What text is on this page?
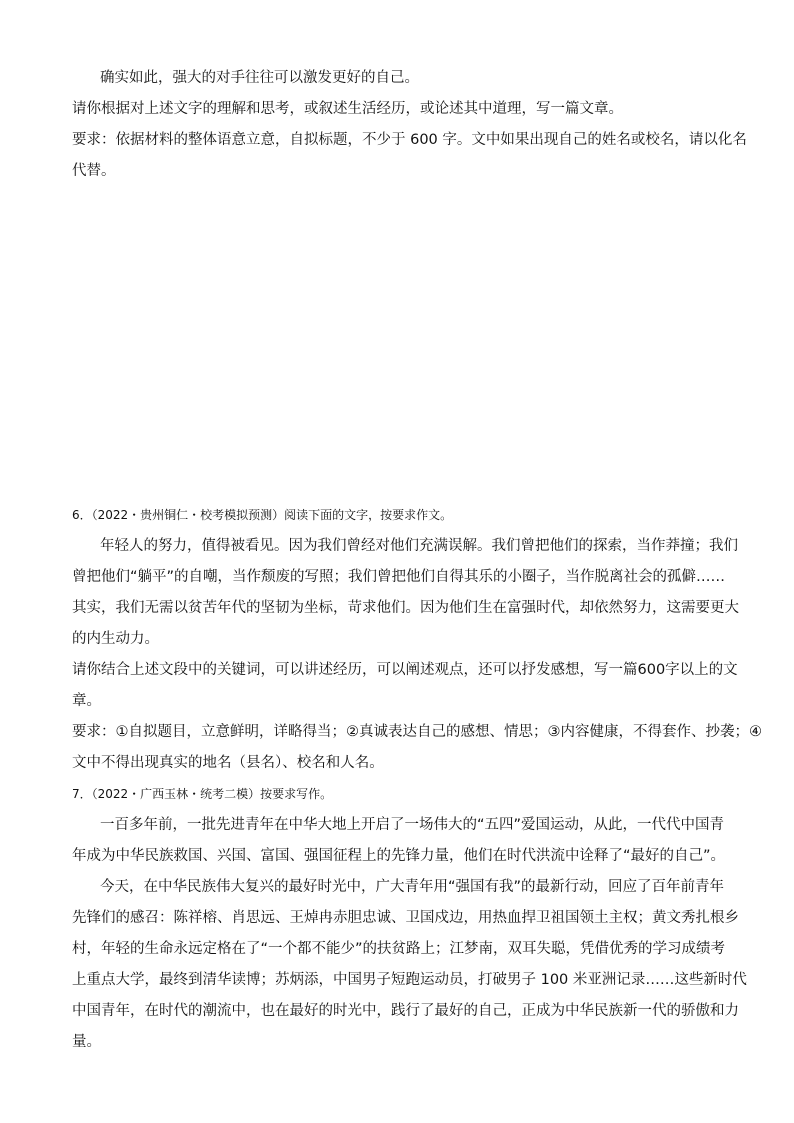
确实如此，强大的对手往往可以激发更好的自己。
请你根据对上述文字的理解和思考，或叙述生活经历，或论述其中道理，写一篇文章。
要求：依据材料的整体语意立意，自拟标题，不少于 600 字。文中如果出现自己的姓名或校名，请以化名
代替。
6．（2022・贵州铜仁・校考模拟预测）阅读下面的文字，按要求作文。
年轻人的努力，值得被看见。因为我们曾经对他们充满误解。我们曾把他们的探索，当作莽撞；我们
曾把他们“躺平”的自嘲，当作颓废的写照；我们曾把他们自得其乐的小圈子，当作脱离社会的孤僻……
其实，我们无需以贫苦年代的坚韧为坐标，苛求他们。因为他们生在富强时代，却依然努力，这需要更大
的内生动力。
请你结合上述文段中的关键词，可以讲述经历，可以阐述观点，还可以抒发感想，写一篇600字以上的文
章。
要求：①自拟题目，立意鲜明，详略得当；②真诚表达自己的感想、情思；③内容健康，不得套作、抄袭；④
文中不得出现真实的地名（县名）、校名和人名。
7．（2022・广西玉林・统考二模）按要求写作。
一百多年前，一批先进青年在中华大地上开启了一场伟大的“五四”爱国运动，从此，一代代中国青
年成为中华民族救国、兴国、富国、强国征程上的先锋力量，他们在时代洪流中诠释了“最好的自己”。
今天，在中华民族伟大复兴的最好时光中，广大青年用“强国有我”的最新行动，回应了百年前青年
先锋们的感召：陈祥榕、肖思远、王焯冉赤胆忠诚、卫国戍边，用热血捍卫祖国领土主权；黄文秀扎根乡
村，年轻的生命永远定格在了“一个都不能少”的扶贫路上；江梦南，双耳失聪，凭借优秀的学习成绩考
上重点大学，最终到清华读博；苏炳添，中国男子短跑运动员，打破男子 100 米亚洲记录……这些新时代
中国青年，在时代的潮流中，也在最好的时光中，践行了最好的自己，正成为中华民族新一代的骄傲和力
量。
